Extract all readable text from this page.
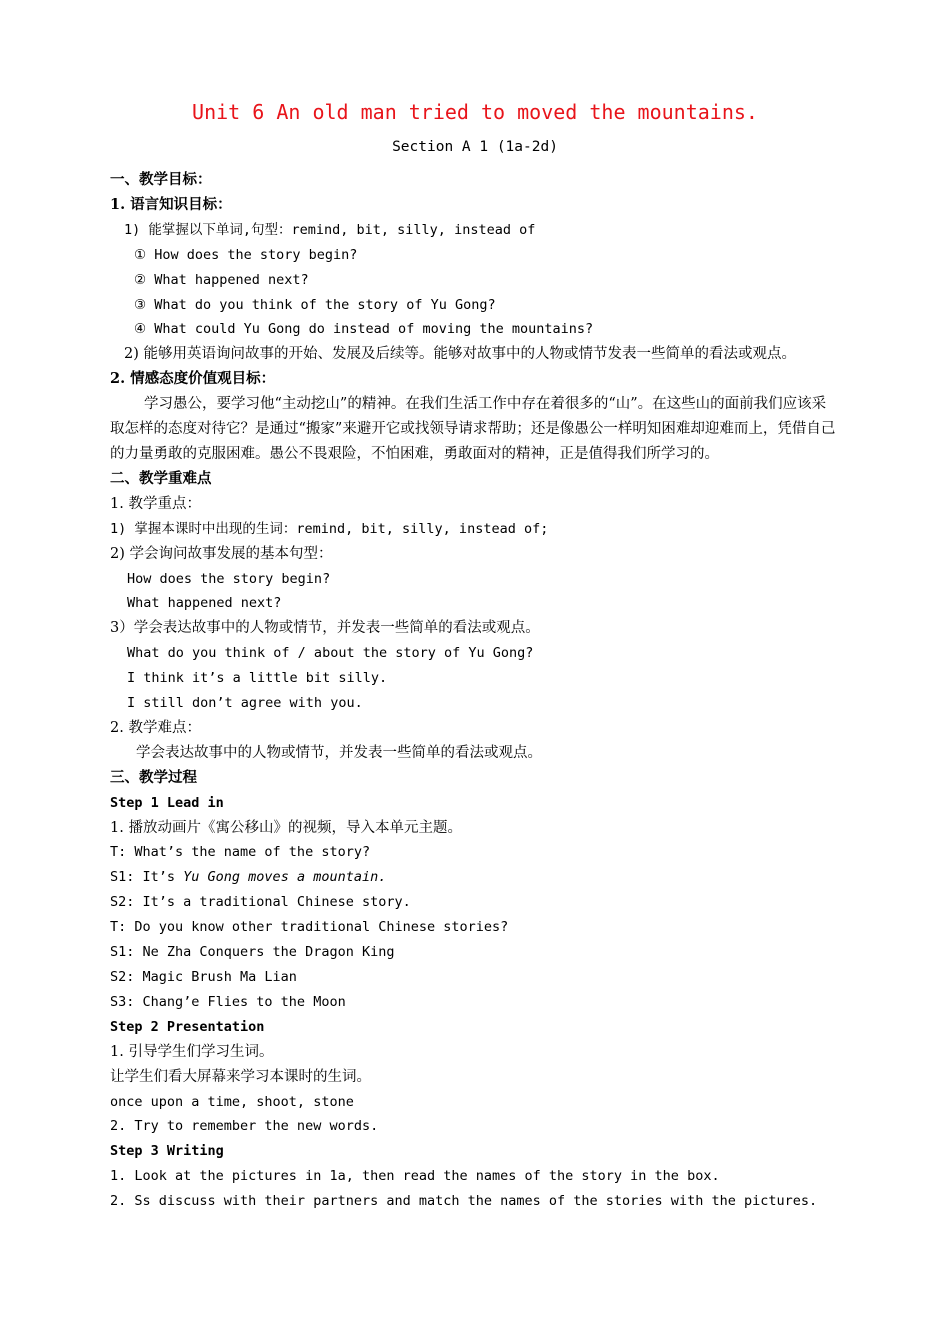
Unit 6 An old man tried to moved the mountains.
Section A 1 (1a-2d)
一、教学目标：
1. 语言知识目标：
1) 能掌握以下单词,句型：remind, bit, silly, instead of
① How does the story begin?
② What happened next?
③ What do you think of the story of Yu Gong?
④ What could Yu Gong do instead of moving the mountains?
2) 能够用英语询问故事的开始、发展及后续等。能够对故事中的人物或情节发表一些简单的看法或观点。
2. 情感态度价值观目标：
学习愚公，要学习他“主动挖山”的精神。在我们生活工作中存在着很多的“山”。在这些山的面前我们应该采取怎样的态度对待它？是通过“搬家”来避开它或找领导请求帮助；还是像愚公一样明知困难却迎难而上，凭借自己的力量勇敢的克服困难。愚公不畏艰险，不怕困难，勇敢面对的精神，正是值得我们所学习的。
二、教学重难点
1. 教学重点：
1) 掌握本课时中出现的生词：remind, bit, silly, instead of;
2) 学会询问故事发展的基本句型：
How does the story begin?
What happened next?
3）学会表达故事中的人物或情节，并发表一些简单的看法或观点。
What do you think of / about the story of Yu Gong?
I think it’s a little bit silly.
I still don’t agree with you.
2. 教学难点：
学会表达故事中的人物或情节，并发表一些简单的看法或观点。
三、教学过程
Step 1 Lead in
1. 播放动画片《寓公移山》的视频，导入本单元主题。
T: What’s the name of the story?
S1: It’s Yu Gong moves a mountain.
S2: It’s a traditional Chinese story.
T: Do you know other traditional Chinese stories?
S1: Ne Zha Conquers the Dragon King
S2: Magic Brush Ma Lian
S3: Chang’e Flies to the Moon
Step 2 Presentation
1. 引导学生们学习生词。
让学生们看大屏幕来学习本课时的生词。
once upon a time, shoot, stone
2. Try to remember the new words.
Step 3 Writing
1. Look at the pictures in 1a, then read the names of the story in the box.
2. Ss discuss with their partners and match the names of the stories with the pictures.
